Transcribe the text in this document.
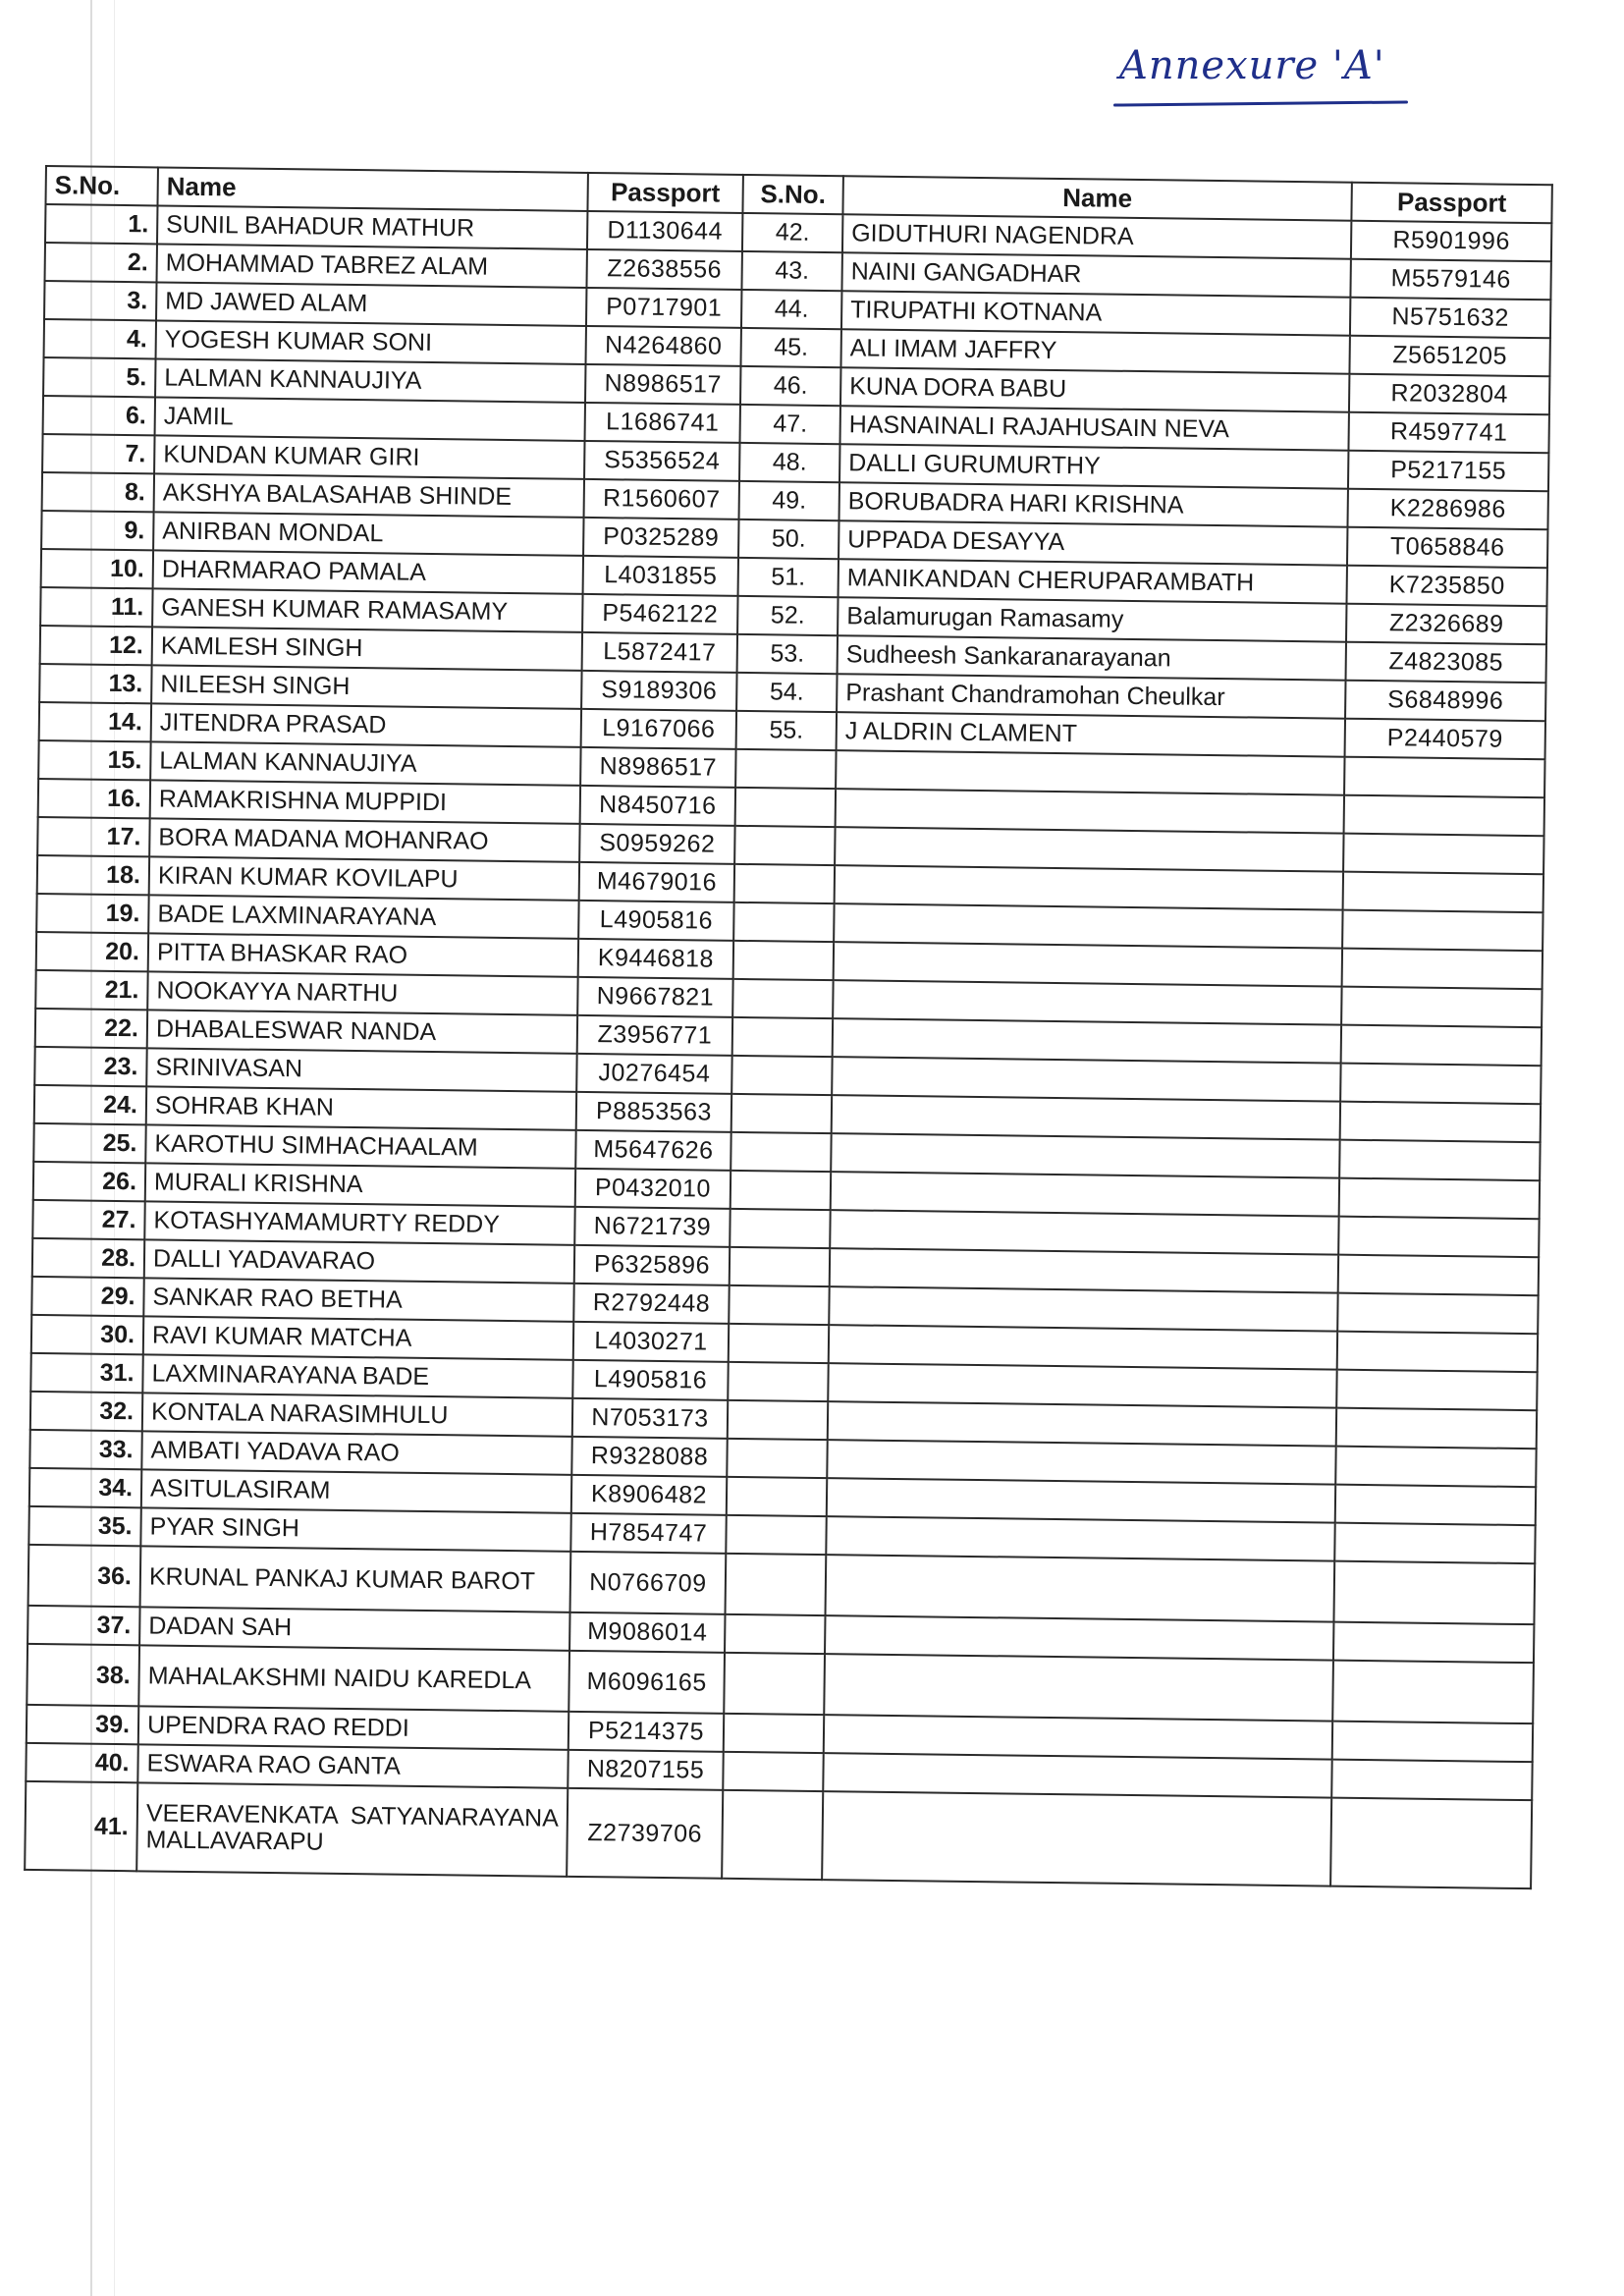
Annexure 'A'
S.No.	Name	Passport	S.No.	Name	Passport
1.	SUNIL BAHADUR MATHUR	D1130644	42.	GIDUTHURI NAGENDRA	R5901996
2.	MOHAMMAD TABREZ ALAM	Z2638556	43.	NAINI GANGADHAR	M5579146
3.	MD JAWED ALAM	P0717901	44.	TIRUPATHI KOTNANA	N5751632
4.	YOGESH KUMAR SONI	N4264860	45.	ALI IMAM JAFFRY	Z5651205
5.	LALMAN KANNAUJIYA	N8986517	46.	KUNA DORA BABU	R2032804
6.	JAMIL	L1686741	47.	HASNAINALI RAJAHUSAIN NEVA	R4597741
7.	KUNDAN KUMAR GIRI	S5356524	48.	DALLI GURUMURTHY	P5217155
8.	AKSHYA BALASAHAB SHINDE	R1560607	49.	BORUBADRA HARI KRISHNA	K2286986
9.	ANIRBAN MONDAL	P0325289	50.	UPPADA DESAYYA	T0658846
10.	DHARMARAO PAMALA	L4031855	51.	MANIKANDAN CHERUPARAMBATH	K7235850
11.	GANESH KUMAR RAMASAMY	P5462122	52.	Balamurugan Ramasamy	Z2326689
12.	KAMLESH SINGH	L5872417	53.	Sudheesh Sankaranarayanan	Z4823085
13.	NILEESH SINGH	S9189306	54.	Prashant Chandramohan Cheulkar	S6848996
14.	JITENDRA PRASAD	L9167066	55.	J ALDRIN CLAMENT	P2440579
15.	LALMAN KANNAUJIYA	N8986517			
16.	RAMAKRISHNA MUPPIDI	N8450716			
17.	BORA MADANA MOHANRAO	S0959262			
18.	KIRAN KUMAR KOVILAPU	M4679016			
19.	BADE LAXMINARAYANA	L4905816			
20.	PITTA BHASKAR RAO	K9446818			
21.	NOOKAYYA NARTHU	N9667821			
22.	DHABALESWAR NANDA	Z3956771			
23.	SRINIVASAN	J0276454			
24.	SOHRAB KHAN	P8853563			
25.	KAROTHU SIMHACHAALAM	M5647626			
26.	MURALI KRISHNA	P0432010			
27.	KOTASHYAMAMURTY REDDY	N6721739			
28.	DALLI YADAVARAO	P6325896			
29.	SANKAR RAO BETHA	R2792448			
30.	RAVI KUMAR MATCHA	L4030271			
31.	LAXMINARAYANA BADE	L4905816			
32.	KONTALA NARASIMHULU	N7053173			
33.	AMBATI YADAVA RAO	R9328088			
34.	ASITULASIRAM	K8906482			
35.	PYAR SINGH	H7854747			
36.	KRUNAL PANKAJ KUMAR BAROT	N0766709			
37.	DADAN SAH	M9086014			
38.	MAHALAKSHMI NAIDU KAREDLA	M6096165			
39.	UPENDRA RAO REDDI	P5214375			
40.	ESWARA RAO GANTA	N8207155			
41.	VEERAVENKATA SATYANARAYANA MALLAVARAPU	Z2739706			
